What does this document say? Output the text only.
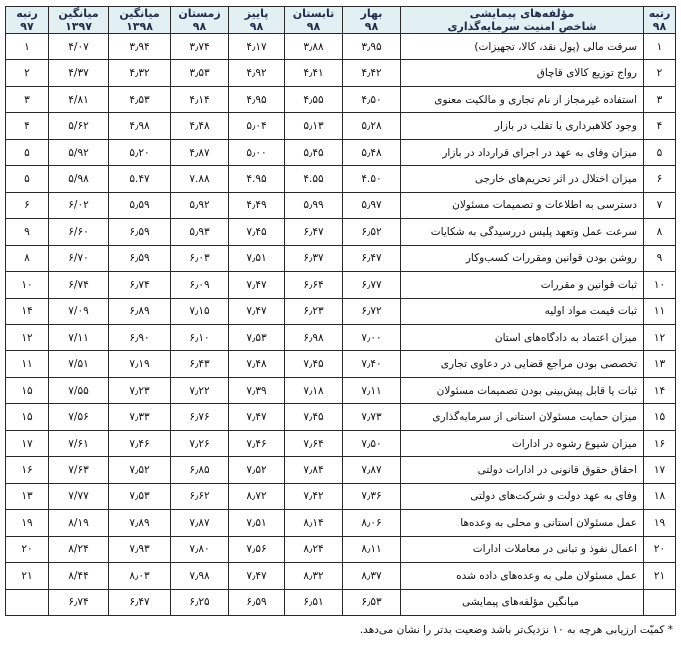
رتبه	مؤلفه‌های پیمایشی	بهار	تابستان	پاییز	زمستان	میانگین	میانگین	رتبه
۹۸	شاخص امنیت سرمایه‌گذاری	۹۸	۹۸	۹۸	۹۸	۱۳۹۸	۱۳۹۷	۹۷
۱	سرقت مالی (پول نقد، کالا، تجهیزات)	۳٫۹۵	۳٫۸۸	۴٫۱۷	۳٫۷۴	۳٫۹۴	۴/۰۷	۱
۲	رواج توزیع کالای قاچاق	۴٫۴۲	۴٫۴۱	۴٫۹۲	۳٫۵۳	۴٫۳۲	۴/۳۷	۲
۳	استفاده غیرمجاز از نام تجاری و مالکیت معنوی	۴٫۵۰	۴٫۵۵	۴٫۹۵	۴٫۱۴	۴٫۵۳	۴/۸۱	۳
۴	وجود کلاهبرداری یا تقلب در بازار	۵٫۲۸	۵٫۱۳	۵٫۰۴	۴٫۴۸	۴٫۹۸	۵/۶۲	۴
۵	میزان وفای به عهد در اجرای قرارداد در بازار	۵٫۴۸	۵٫۴۵	۵٫۰۰	۴٫۸۷	۵٫۲۰	۵/۹۲	۵
۶	میزان اختلال در اثر تحریم‌های خارجی	۴.۵۰	۴.۵۵	۴.۹۵	۷.۸۸	۵.۴۷	۵/۹۸	۵
۷	دسترسی به اطلاعات و تصمیمات مسئولان	۵٫۹۷	۵٫۹۹	۴٫۴۹	۵٫۹۲	۵٫۵۹	۶/۰۲	۶
۸	سرعت عمل وتعهد پلیس دررسیدگی به شکایات	۶٫۵۲	۶٫۴۷	۷٫۴۵	۵٫۹۳	۶٫۵۹	۶/۶۰	۹
۹	روشن بودن قوانین ومقررات کسب‌وکار	۶٫۴۷	۶٫۳۷	۷٫۵۱	۶٫۰۳	۶٫۵۹	۶/۷۰	۸
۱۰	ثبات قوانین و مقررات	۶٫۷۷	۶٫۶۴	۷٫۴۷	۶٫۰۹	۶٫۷۴	۶/۷۴	۱۰
۱۱	ثبات قیمت مواد اولیه	۶٫۷۲	۶٫۲۳	۷٫۴۷	۷٫۱۵	۶٫۸۹	۷/۰۹	۱۴
۱۲	میزان اعتماد به دادگاه‌های استان	۷٫۰۰	۶٫۹۸	۷٫۵۳	۶٫۱۰	۶٫۹۰	۷/۱۱	۱۲
۱۳	تخصصی بودن مراجع قضایی در دعاوی تجاری	۷٫۴۰	۷٫۴۵	۷٫۴۸	۶٫۴۳	۷٫۱۹	۷/۵۱	۱۱
۱۴	ثبات یا قابل پیش‌بینی بودن تصمیمات مسئولان	۷٫۱۱	۷٫۱۸	۷٫۳۹	۷٫۲۲	۷٫۲۳	۷/۵۵	۱۵
۱۵	میزان حمایت مسئولان استانی از سرمایه‌گذاری	۷٫۷۳	۷٫۴۵	۷٫۴۷	۶٫۷۶	۷٫۳۳	۷/۵۶	۱۵
۱۶	میزان شیوع رشوه در ادارات	۷٫۵۰	۷٫۶۴	۷٫۴۶	۷٫۲۶	۷٫۴۶	۷/۶۱	۱۷
۱۷	احقاق حقوق قانونی در ادارات دولتی	۷٫۸۷	۷٫۸۴	۷٫۵۲	۶٫۸۵	۷٫۵۲	۷/۶۳	۱۶
۱۸	وفای به عهد دولت و شرکت‌های دولتی	۷٫۳۶	۷٫۴۲	۸٫۷۲	۶٫۶۲	۷٫۵۳	۷/۷۷	۱۳
۱۹	عمل مسئولان استانی و محلی به وعده‌ها	۸٫۰۶	۸٫۱۴	۷٫۵۱	۷٫۸۷	۷٫۸۹	۸/۱۹	۱۹
۲۰	اعمال نفوذ و تبانی در معاملات ادارات	۸٫۱۱	۸٫۲۴	۷٫۵۶	۷٫۸۰	۷٫۹۳	۸/۲۴	۲۰
۲۱	عمل مسئولان ملی به وعده‌های داده شده	۸٫۳۷	۸٫۳۲	۷٫۴۷	۷٫۹۸	۸٫۰۳	۸/۴۴	۲۱
	میانگین مؤلفه‌های پیمایشی	۶٫۵۳	۶٫۵۱	۶٫۵۹	۶٫۲۵	۶٫۴۷	۶٫۷۴	
* کمیّت ارزیابی هرچه به ۱۰ نزدیک‌تر باشد وضعیت بدتر را نشان می‌دهد.
